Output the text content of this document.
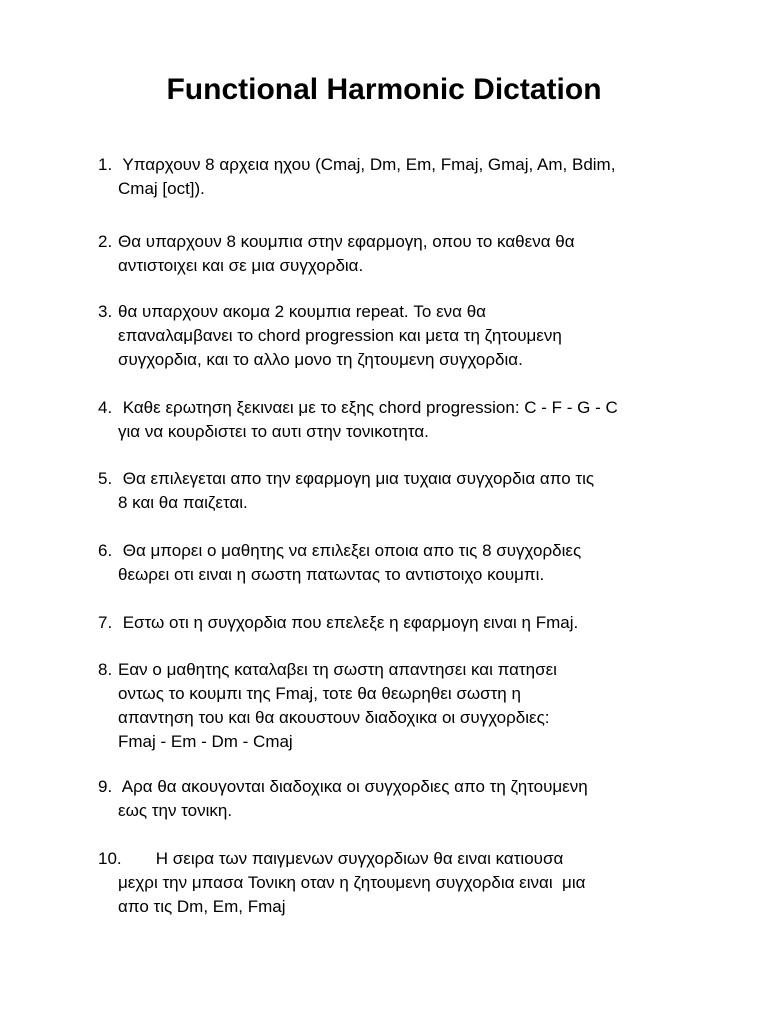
Functional Harmonic Dictation
1. Υπαρχουν 8 αρχεια ηχου (Cmaj, Dm, Em, Fmaj, Gmaj, Am, Bdim,
Cmaj [oct]).
2. Θα υπαρχουν 8 κουμπια στην εφαρμογη, οπου το καθενα θα
αντιστοιχει και σε μια συγχορδια.
3. θα υπαρχουν ακομα 2 κουμπια repeat. Το ενα θα
επαναλαμβανει το chord progression και μετα τη ζητουμενη
συγχορδια, και το αλλο μονο τη ζητουμενη συγχορδια.
4. Καθε ερωτηση ξεκιναει με το εξης chord progression: C - F - G - C
για να κουρδιστει το αυτι στην τονικοτητα.
5. Θα επιλεγεται απο την εφαρμογη μια τυχαια συγχορδια απο τις
8 και θα παιζεται.
6. Θα μπορει ο μαθητης να επιλεξει οποια απο τις 8 συγχορδιες
θεωρει οτι ειναι η σωστη πατωντας το αντιστοιχο κουμπι.
7. Εστω οτι η συγχορδια που επελεξε η εφαρμογη ειναι η Fmaj.
8. Εαν ο μαθητης καταλαβει τη σωστη απαντησει και πατησει
οντως το κουμπι της Fmaj, τοτε θα θεωρηθει σωστη η
απαντηση του και θα ακουστουν διαδοχικα οι συγχορδιες:
Fmaj - Em - Dm - Cmaj
9. Αρα θα ακουγονται διαδοχικα οι συγχορδιες απο τη ζητουμενη
εως την τονικη.
10.
Η σειρα των παιγμενων συγχορδιων θα ειναι κατιουσα
μεχρι την μπασα Τονικη οταν η ζητουμενη συγχορδια ειναι  μια
απο τις Dm, Em, Fmaj
